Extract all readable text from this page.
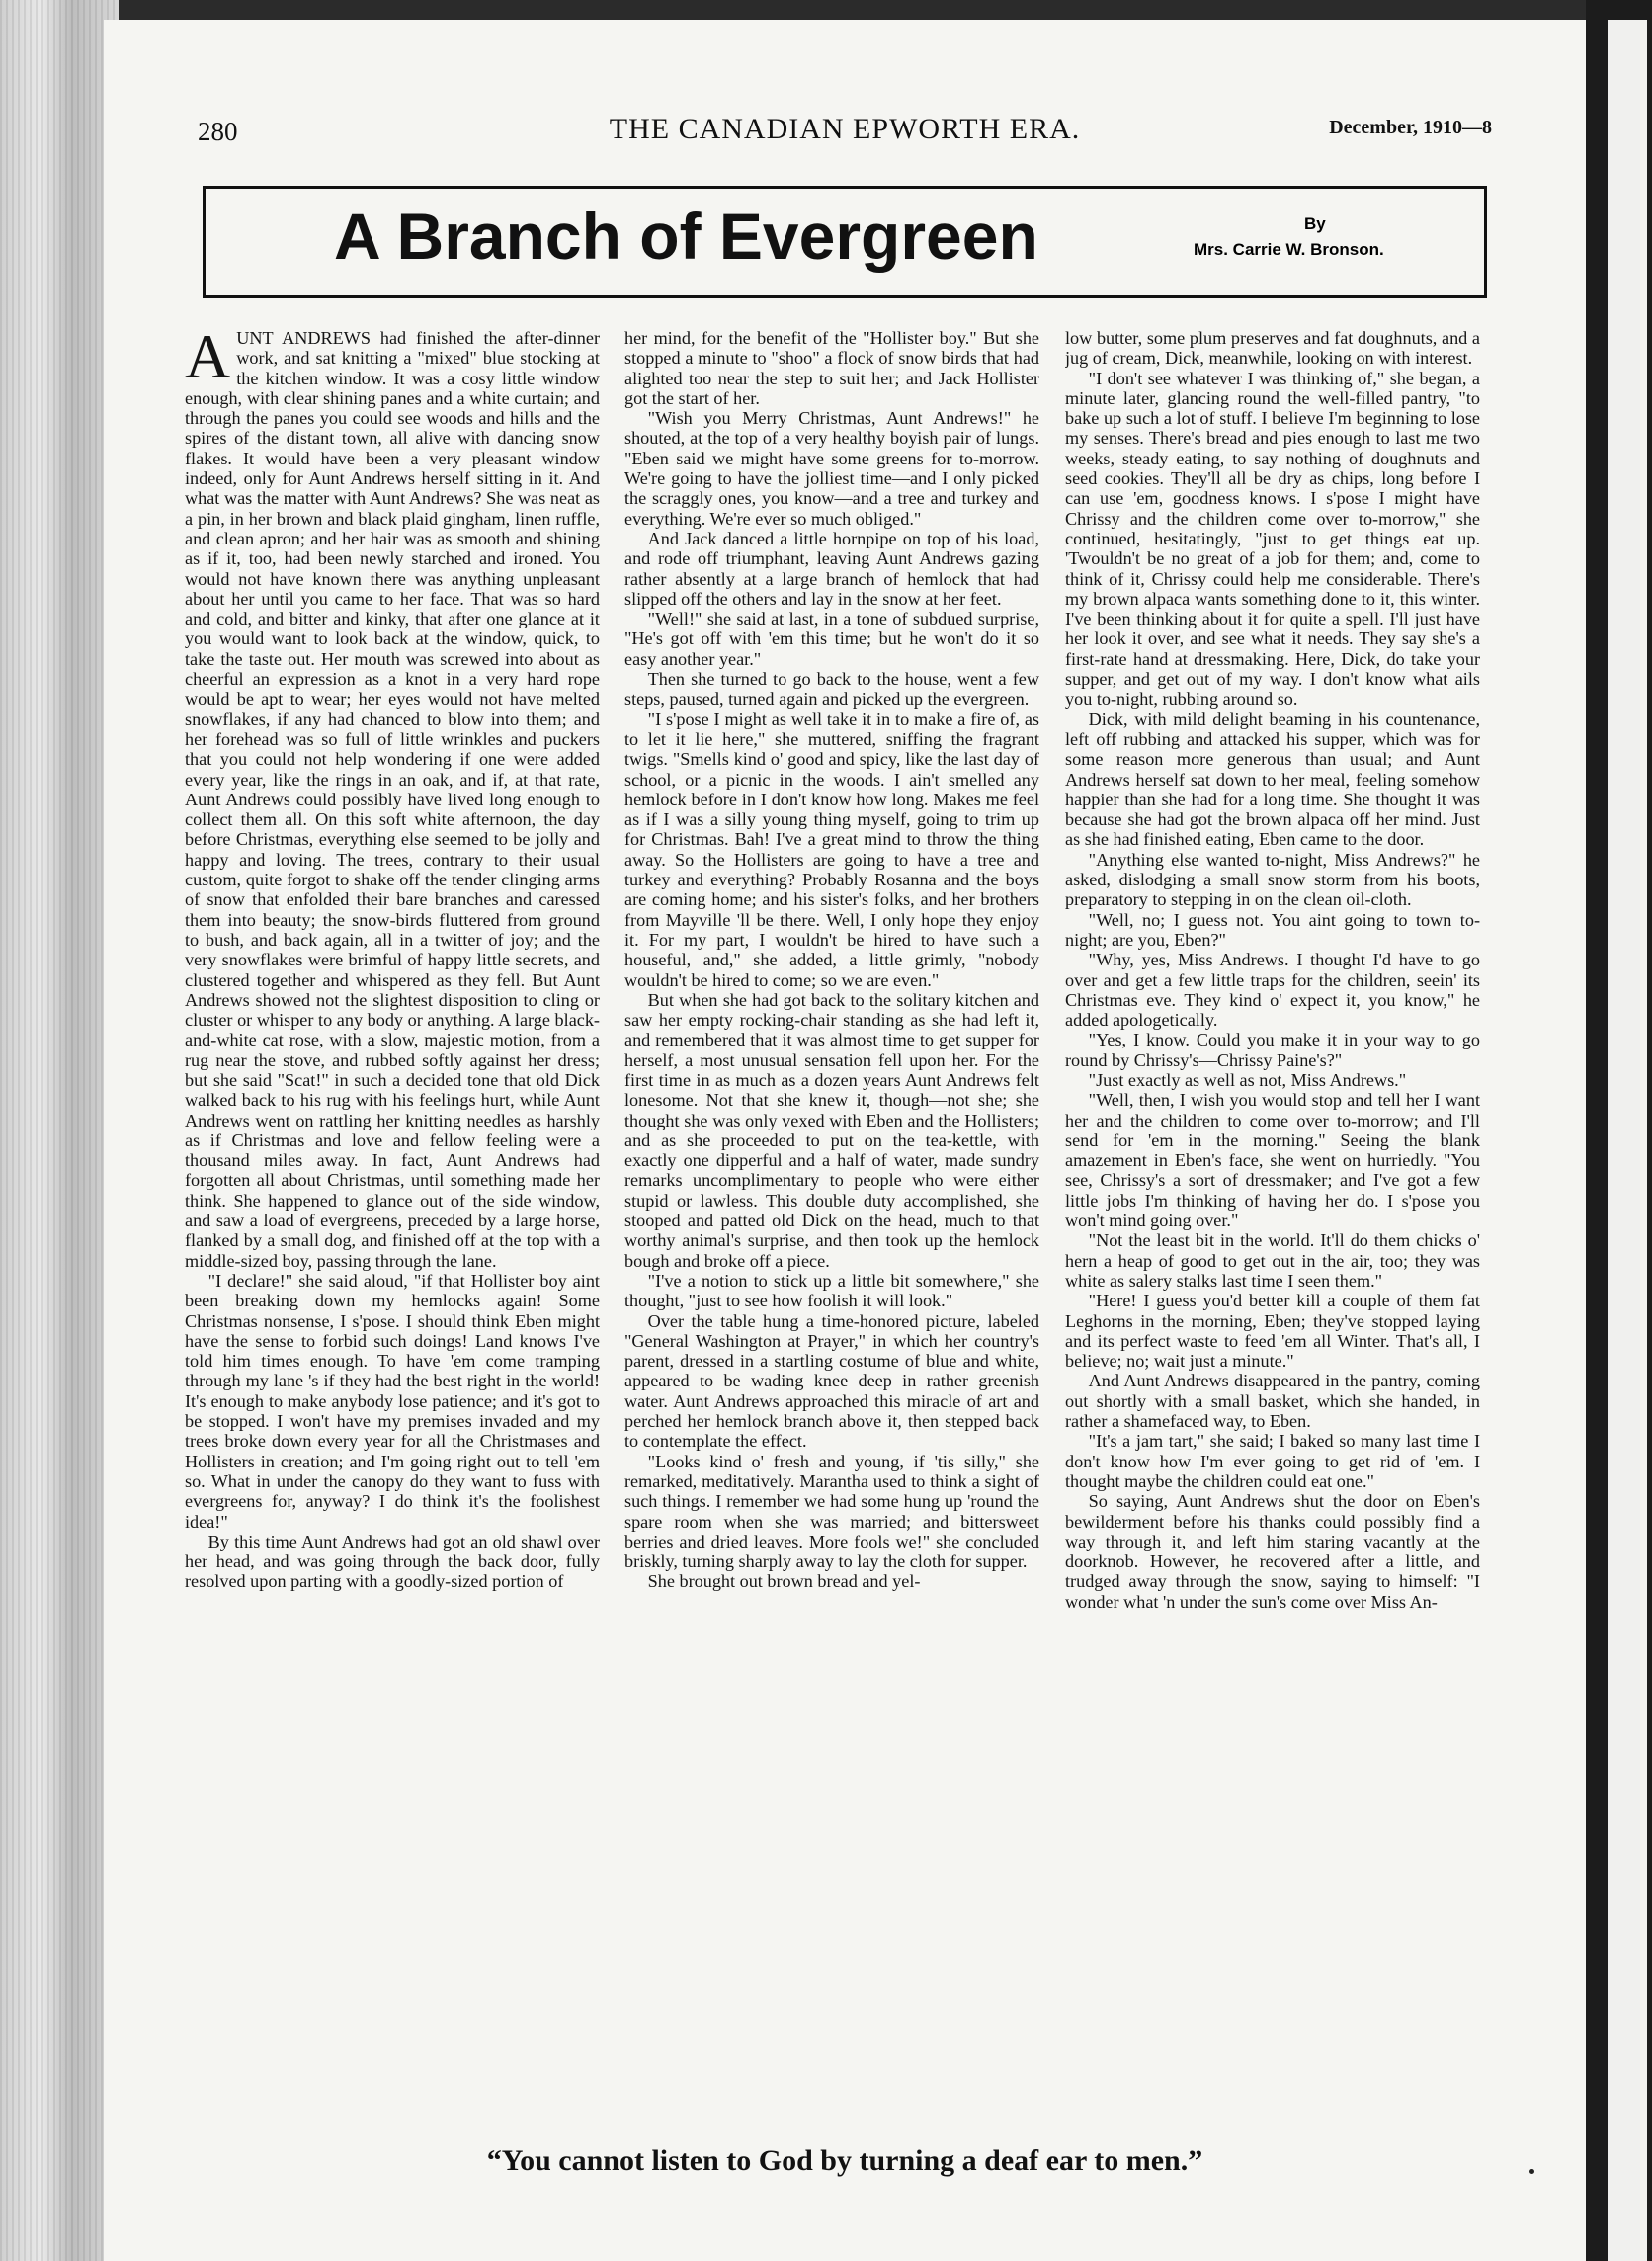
280	THE CANADIAN EPWORTH ERA.	December, 1910—8
A Branch of Evergreen	By
Mrs. Carrie W. Bronson.

AUNT ANDREWS had finished the after-dinner work, and sat knitting a "mixed" blue stocking at the kitchen window. It was a cosy little window enough, with clear shining panes and a white curtain; and through the panes you could see woods and hills and the spires of the distant town, all alive with dancing snow flakes. It would have been a very pleasant window indeed, only for Aunt Andrews herself sitting in it. And what was the matter with Aunt Andrews? She was neat as a pin, in her brown and black plaid gingham, linen ruffle, and clean apron; and her hair was as smooth and shining as if it, too, had been newly starched and ironed. You would not have known there was anything unpleasant about her until you came to her face. That was so hard and cold, and bitter and kinky, that after one glance at it you would want to look back at the window, quick, to take the taste out. Her mouth was screwed into about as cheerful an expression as a knot in a very hard rope would be apt to wear; her eyes would not have melted snowflakes, if any had chanced to blow into them; and her forehead was so full of little wrinkles and puckers that you could not help wondering if one were added every year, like the rings in an oak, and if, at that rate, Aunt Andrews could possibly have lived long enough to collect them all. On this soft white afternoon, the day before Christmas, everything else seemed to be jolly and happy and loving. The trees, contrary to their usual custom, quite forgot to shake off the tender clinging arms of snow that enfolded their bare branches and caressed them into beauty; the snow-birds fluttered from ground to bush, and back again, all in a twitter of joy; and the very snowflakes were brimful of happy little secrets, and clustered together and whispered as they fell. But Aunt Andrews showed not the slightest disposition to cling or cluster or whisper to any body or anything. A large black-and-white cat rose, with a slow, majestic motion, from a rug near the stove, and rubbed softly against her dress; but she said "Scat!" in such a decided tone that old Dick walked back to his rug with his feelings hurt, while Aunt Andrews went on rattling her knitting needles as harshly as if Christmas and love and fellow feeling were a thousand miles away. In fact, Aunt Andrews had forgotten all about Christmas, until something made her think. She happened to glance out of the side window, and saw a load of evergreens, preceded by a large horse, flanked by a small dog, and finished off at the top with a middle-sized boy, passing through the lane.

"I declare!" she said aloud, "if that Hollister boy aint been breaking down my hemlocks again! Some Christmas nonsense, I s'pose. I should think Eben might have the sense to forbid such doings! Land knows I've told him times enough. To have 'em come tramping through my lane 's if they had the best right in the world! It's enough to make anybody lose patience; and it's got to be stopped. I won't have my premises invaded and my trees broke down every year for all the Christmases and Hollisters in creation; and I'm going right out to tell 'em so. What in under the canopy do they want to fuss with evergreens for, anyway? I do think it's the foolishest idea!"

By this time Aunt Andrews had got an old shawl over her head, and was going through the back door, fully resolved upon parting with a goodly-sized portion of

her mind, for the benefit of the "Hollister boy." But she stopped a minute to "shoo" a flock of snow birds that had alighted too near the step to suit her; and Jack Hollister got the start of her.

"Wish you Merry Christmas, Aunt Andrews!" he shouted, at the top of a very healthy boyish pair of lungs. "Eben said we might have some greens for to-morrow. We're going to have the jolliest time—and I only picked the scraggly ones, you know—and a tree and turkey and everything. We're ever so much obliged."

And Jack danced a little hornpipe on top of his load, and rode off triumphant, leaving Aunt Andrews gazing rather absently at a large branch of hemlock that had slipped off the others and lay in the snow at her feet.

"Well!" she said at last, in a tone of subdued surprise, "He's got off with 'em this time; but he won't do it so easy another year."

Then she turned to go back to the house, went a few steps, paused, turned again and picked up the evergreen.

"I s'pose I might as well take it in to make a fire of, as to let it lie here," she muttered, sniffing the fragrant twigs. "Smells kind o' good and spicy, like the last day of school, or a picnic in the woods. I ain't smelled any hemlock before in I don't know how long. Makes me feel as if I was a silly young thing myself, going to trim up for Christmas. Bah! I've a great mind to throw the thing away. So the Hollisters are going to have a tree and turkey and everything? Probably Rosanna and the boys are coming home; and his sister's folks, and her brothers from Mayville 'll be there. Well, I only hope they enjoy it. For my part, I wouldn't be hired to have such a houseful, and," she added, a little grimly, "nobody wouldn't be hired to come; so we are even."

But when she had got back to the solitary kitchen and saw her empty rocking-chair standing as she had left it, and remembered that it was almost time to get supper for herself, a most unusual sensation fell upon her. For the first time in as much as a dozen years Aunt Andrews felt lonesome. Not that she knew it, though—not she; she thought she was only vexed with Eben and the Hollisters; and as she proceeded to put on the tea-kettle, with exactly one dipperful and a half of water, made sundry remarks uncomplimentary to people who were either stupid or lawless. This double duty accomplished, she stooped and patted old Dick on the head, much to that worthy animal's surprise, and then took up the hemlock bough and broke off a piece.

"I've a notion to stick up a little bit somewhere," she thought, "just to see how foolish it will look."

Over the table hung a time-honored picture, labeled "General Washington at Prayer," in which her country's parent, dressed in a startling costume of blue and white, appeared to be wading knee deep in rather greenish water. Aunt Andrews approached this miracle of art and perched her hemlock branch above it, then stepped back to contemplate the effect.

"Looks kind o' fresh and young, if 'tis silly," she remarked, meditatively. Marantha used to think a sight of such things. I remember we had some hung up 'round the spare room when she was married; and bittersweet berries and dried leaves. More fools we!" she concluded briskly, turning sharply away to lay the cloth for supper.

She brought out brown bread and yel-

low butter, some plum preserves and fat doughnuts, and a jug of cream, Dick, meanwhile, looking on with interest.

"I don't see whatever I was thinking of," she began, a minute later, glancing round the well-filled pantry, "to bake up such a lot of stuff. I believe I'm beginning to lose my senses. There's bread and pies enough to last me two weeks, steady eating, to say nothing of doughnuts and seed cookies. They'll all be dry as chips, long before I can use 'em, goodness knows. I s'pose I might have Chrissy and the children come over to-morrow," she continued, hesitatingly, "just to get things eat up. 'Twouldn't be no great of a job for them; and, come to think of it, Chrissy could help me considerable. There's my brown alpaca wants something done to it, this winter. I've been thinking about it for quite a spell. I'll just have her look it over, and see what it needs. They say she's a first-rate hand at dressmaking. Here, Dick, do take your supper, and get out of my way. I don't know what ails you to-night, rubbing around so.

Dick, with mild delight beaming in his countenance, left off rubbing and attacked his supper, which was for some reason more generous than usual; and Aunt Andrews herself sat down to her meal, feeling somehow happier than she had for a long time. She thought it was because she had got the brown alpaca off her mind. Just as she had finished eating, Eben came to the door.

"Anything else wanted to-night, Miss Andrews?" he asked, dislodging a small snow storm from his boots, preparatory to stepping in on the clean oil-cloth.

"Well, no; I guess not. You aint going to town to-night; are you, Eben?"

"Why, yes, Miss Andrews. I thought I'd have to go over and get a few little traps for the children, seein' its Christmas eve. They kind o' expect it, you know," he added apologetically.

"Yes, I know. Could you make it in your way to go round by Chrissy's—Chrissy Paine's?"

"Just exactly as well as not, Miss Andrews."

"Well, then, I wish you would stop and tell her I want her and the children to come over to-morrow; and I'll send for 'em in the morning." Seeing the blank amazement in Eben's face, she went on hurriedly. "You see, Chrissy's a sort of dressmaker; and I've got a few little jobs I'm thinking of having her do. I s'pose you won't mind going over."

"Not the least bit in the world. It'll do them chicks o' hern a heap of good to get out in the air, too; they was white as salery stalks last time I seen them."

"Here! I guess you'd better kill a couple of them fat Leghorns in the morning, Eben; they've stopped laying and its perfect waste to feed 'em all Winter. That's all, I believe; no; wait just a minute."

And Aunt Andrews disappeared in the pantry, coming out shortly with a small basket, which she handed, in rather a shamefaced way, to Eben.

"It's a jam tart," she said; I baked so many last time I don't know how I'm ever going to get rid of 'em. I thought maybe the children could eat one."

So saying, Aunt Andrews shut the door on Eben's bewilderment before his thanks could possibly find a way through it, and left him staring vacantly at the doorknob. However, he recovered after a little, and trudged away through the snow, saying to himself: "I wonder what 'n under the sun's come over Miss An-

“You cannot listen to God by turning a deaf ear to men.”
